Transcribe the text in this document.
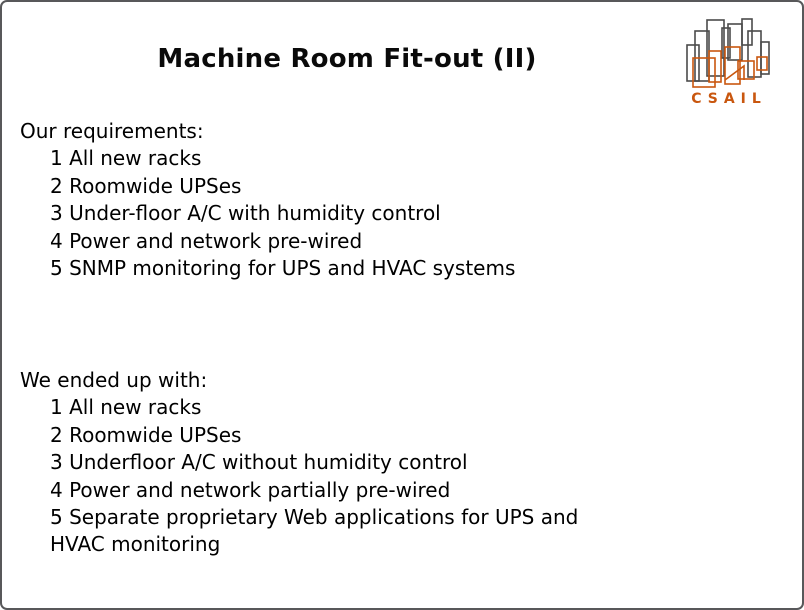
Machine Room Fit-out (II)
CSAIL
Our requirements:
1 All new racks
2 Roomwide UPSes
3 Under-floor A/C with humidity control
4 Power and network pre-wired
5 SNMP monitoring for UPS and HVAC systems
We ended up with:
1 All new racks
2 Roomwide UPSes
3 Underfloor A/C without humidity control
4 Power and network partially pre-wired
5 Separate proprietary Web applications for UPS and HVAC monitoring
